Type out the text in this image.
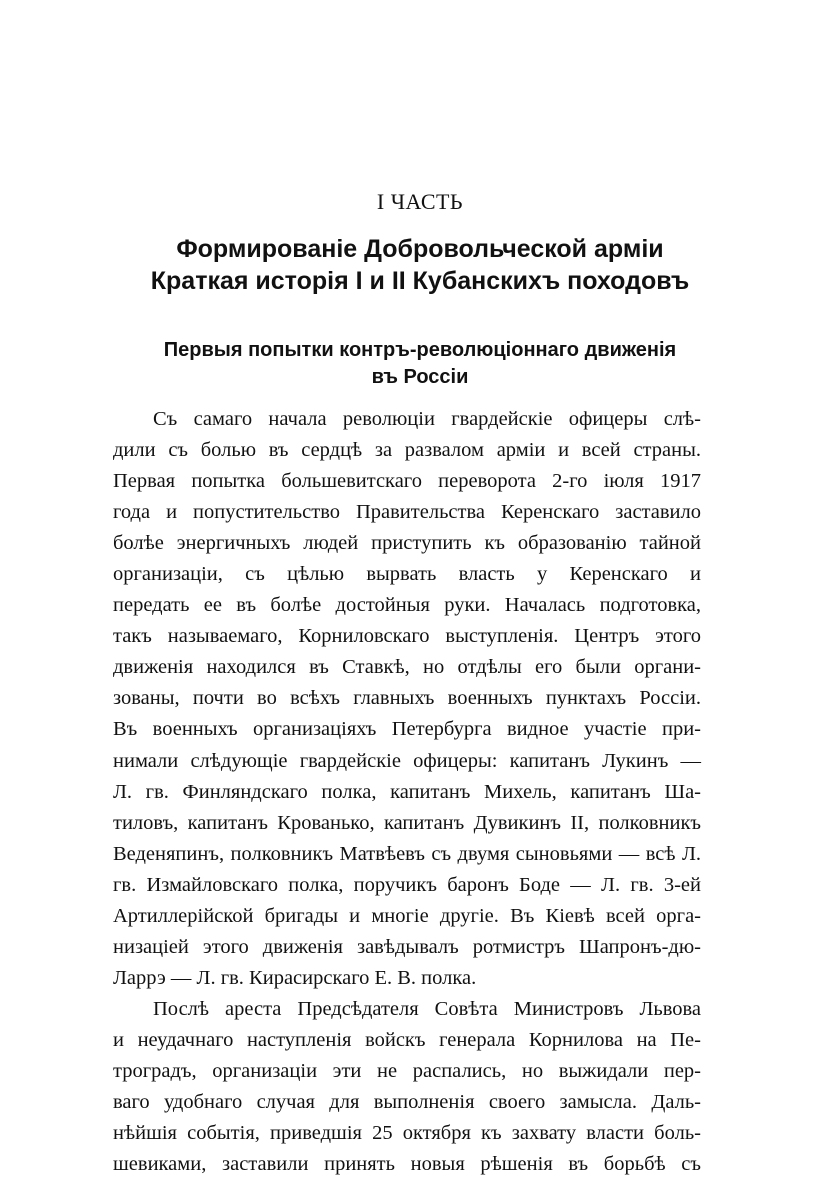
I ЧАСТЬ
Формированіе Добровольческой арміи
Краткая исторія I и II Кубанскихъ походовъ
Первыя попытки контръ-революціоннаго движенія
въ Россіи
Съ самаго начала революціи гвардейскіе офицеры слѣ-
дили съ болью въ сердцѣ за развалом арміи и всей страны.
Первая попытка большевитскаго переворота 2-го іюля 1917
года и попустительство Правительства Керенскаго заставило
болѣе энергичныхъ людей приступить къ образованію тайной
организаціи, съ цѣлью вырвать власть у Керенскаго и
передать ее въ болѣе достойныя руки. Началась подготовка,
такъ называемаго, Корниловскаго выступленія. Центръ этого
движенія находился въ Ставкѣ, но отдѣлы его были органи-
зованы, почти во всѣхъ главныхъ военныхъ пунктахъ Россіи.
Въ военныхъ организаціяхъ Петербурга видное участіе при-
нимали слѣдующіе гвардейскіе офицеры: капитанъ Лукинъ —
Л. гв. Финляндскаго полка, капитанъ Михель, капитанъ Ша-
тиловъ, капитанъ Крованько, капитанъ Дувикинъ II, полковникъ
Веденяпинъ, полковникъ Матвѣевъ съ двумя сыновьями — всѣ Л.
гв. Измайловскаго полка, поручикъ баронъ Боде — Л. гв. 3-ей
Артиллерійской бригады и многіе другіе. Въ Кіевѣ всей орга-
низаціей этого движенія завѣдывалъ ротмистръ Шапронъ-дю-
Ларрэ — Л. гв. Кирасирскаго Е. В. полка.
Послѣ ареста Предсѣдателя Совѣта Министровъ Львова
и неудачнаго наступленія войскъ генерала Корнилова на Пе-
троградъ, организаціи эти не распались, но выжидали пер-
ваго удобнаго случая для выполненія своего замысла. Даль-
нѣйшія событія, приведшія 25 октября къ захвату власти боль-
шевиками, заставили принять новыя рѣшенія въ борьбѣ съ
